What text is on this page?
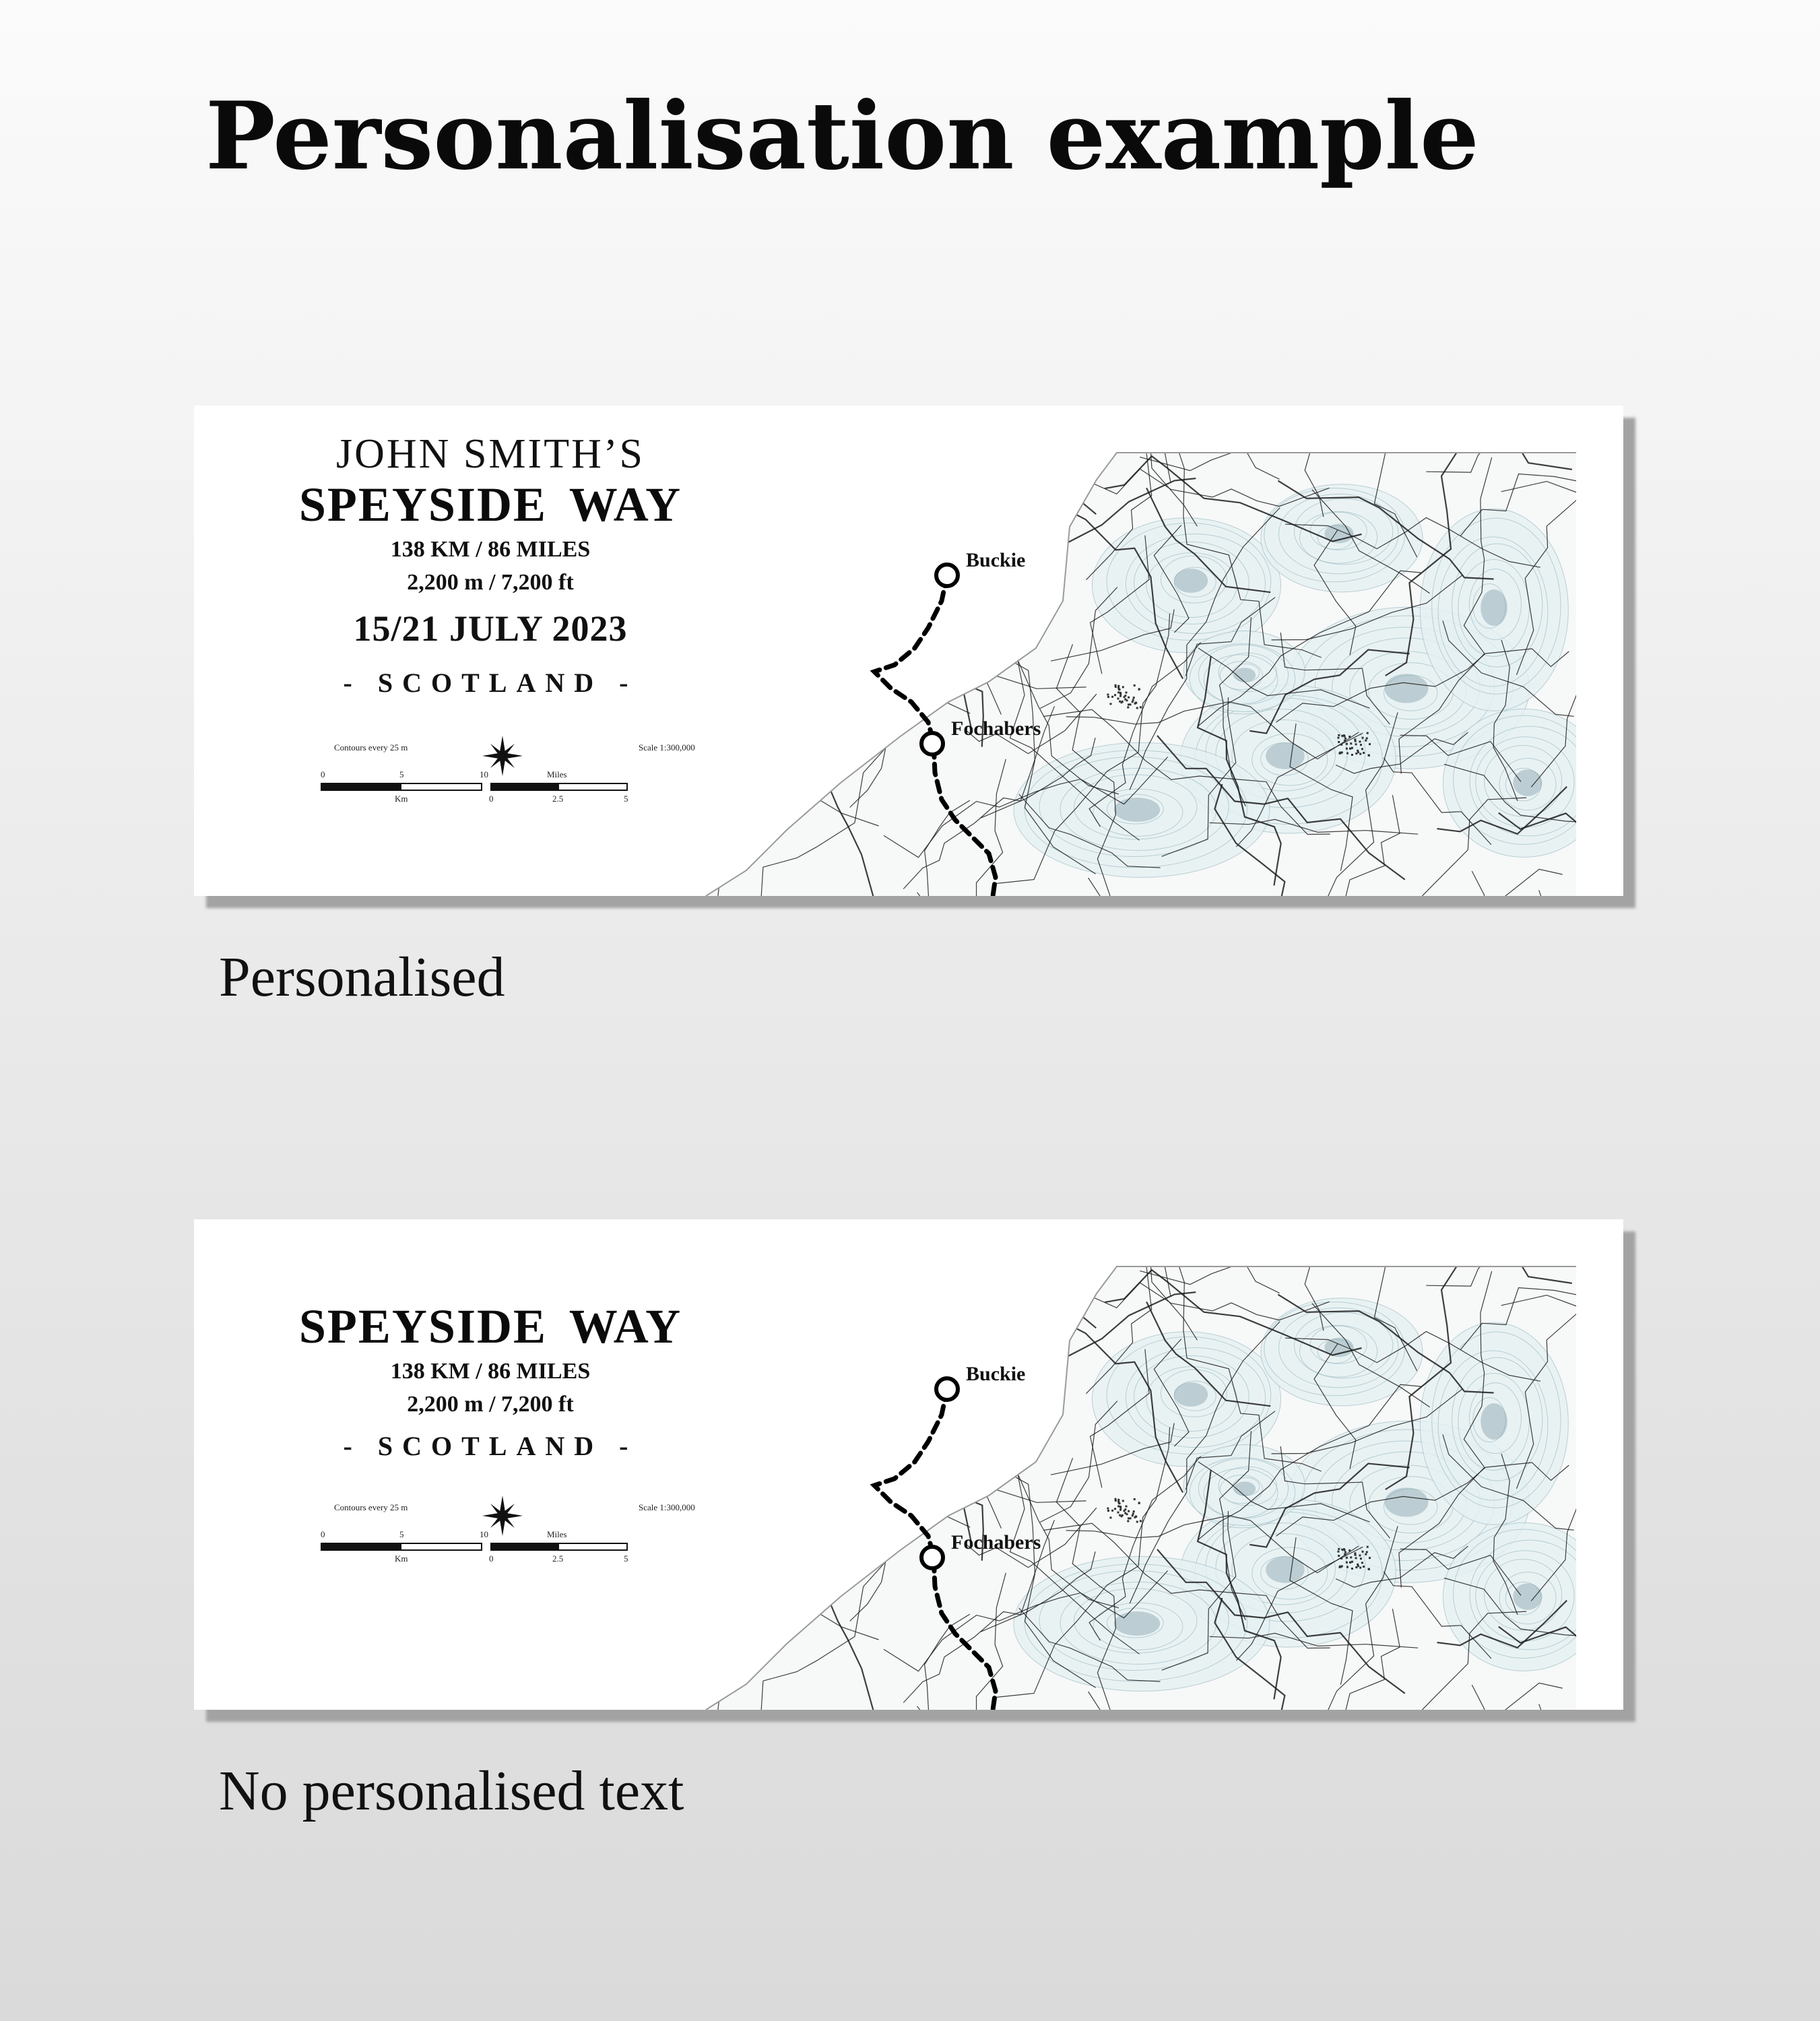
Personalisation example
JOHN SMITH’S
SPEYSIDE WAY
138 KM / 86 MILES
2,200 m / 7,200 ft
15/21 JULY 2023
- SCOTLAND -
Contours every 25 m	Scale 1:300,000
0	5	10
Km
Miles
0	2.5	5
Buckie
Fochabers
Personalised
SPEYSIDE WAY
138 KM / 86 MILES
2,200 m / 7,200 ft
- SCOTLAND -
Contours every 25 m	Scale 1:300,000
0	5	10
Km
Miles
0	2.5	5
Buckie
Fochabers
No personalised text
